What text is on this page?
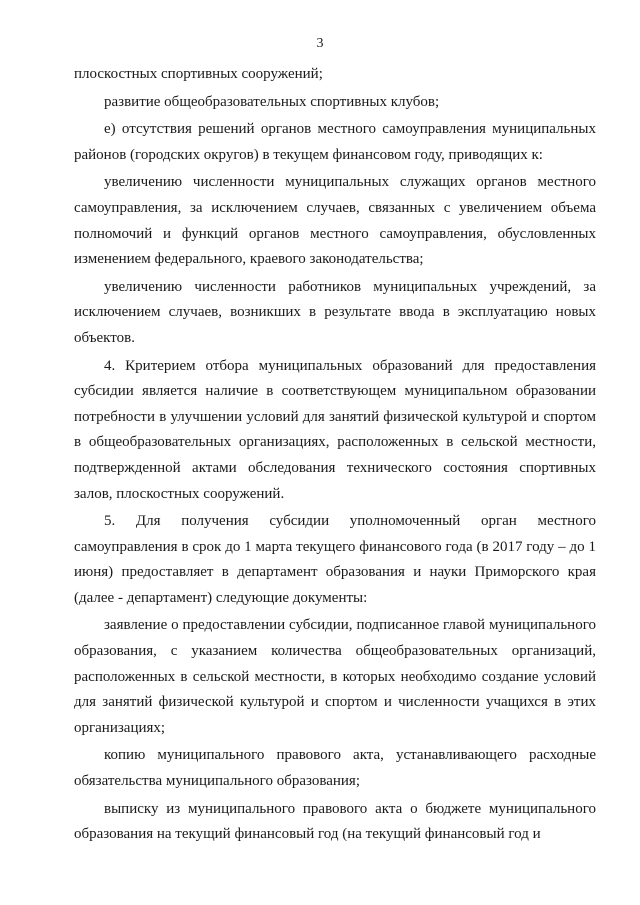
3

плоскостных спортивных сооружений;

развитие общеобразовательных спортивных клубов;

е) отсутствия решений органов местного самоуправления муниципальных районов (городских округов) в текущем финансовом году, приводящих к:

увеличению численности муниципальных служащих органов местного самоуправления, за исключением случаев, связанных с увеличением объема полномочий и функций органов местного самоуправления, обусловленных изменением федерального, краевого законодательства;

увеличению численности работников муниципальных учреждений, за исключением случаев, возникших в результате ввода в эксплуатацию новых объектов.

4. Критерием отбора муниципальных образований для предоставления субсидии является наличие в соответствующем муниципальном образовании потребности в улучшении условий для занятий физической культурой и спортом в общеобразовательных организациях, расположенных в сельской местности, подтвержденной актами обследования технического состояния спортивных залов, плоскостных сооружений.

5. Для получения субсидии уполномоченный орган местного самоуправления в срок до 1 марта текущего финансового года (в 2017 году – до 1 июня) предоставляет в департамент образования и науки Приморского края (далее - департамент) следующие документы:

заявление о предоставлении субсидии, подписанное главой муниципального образования, с указанием количества общеобразовательных организаций, расположенных в сельской местности, в которых необходимо создание условий для занятий физической культурой и спортом и численности учащихся в этих организациях;

копию муниципального правового акта, устанавливающего расходные обязательства муниципального образования;

выписку из муниципального правового акта о бюджете муниципального образования на текущий финансовый год (на текущий финансовый год и
